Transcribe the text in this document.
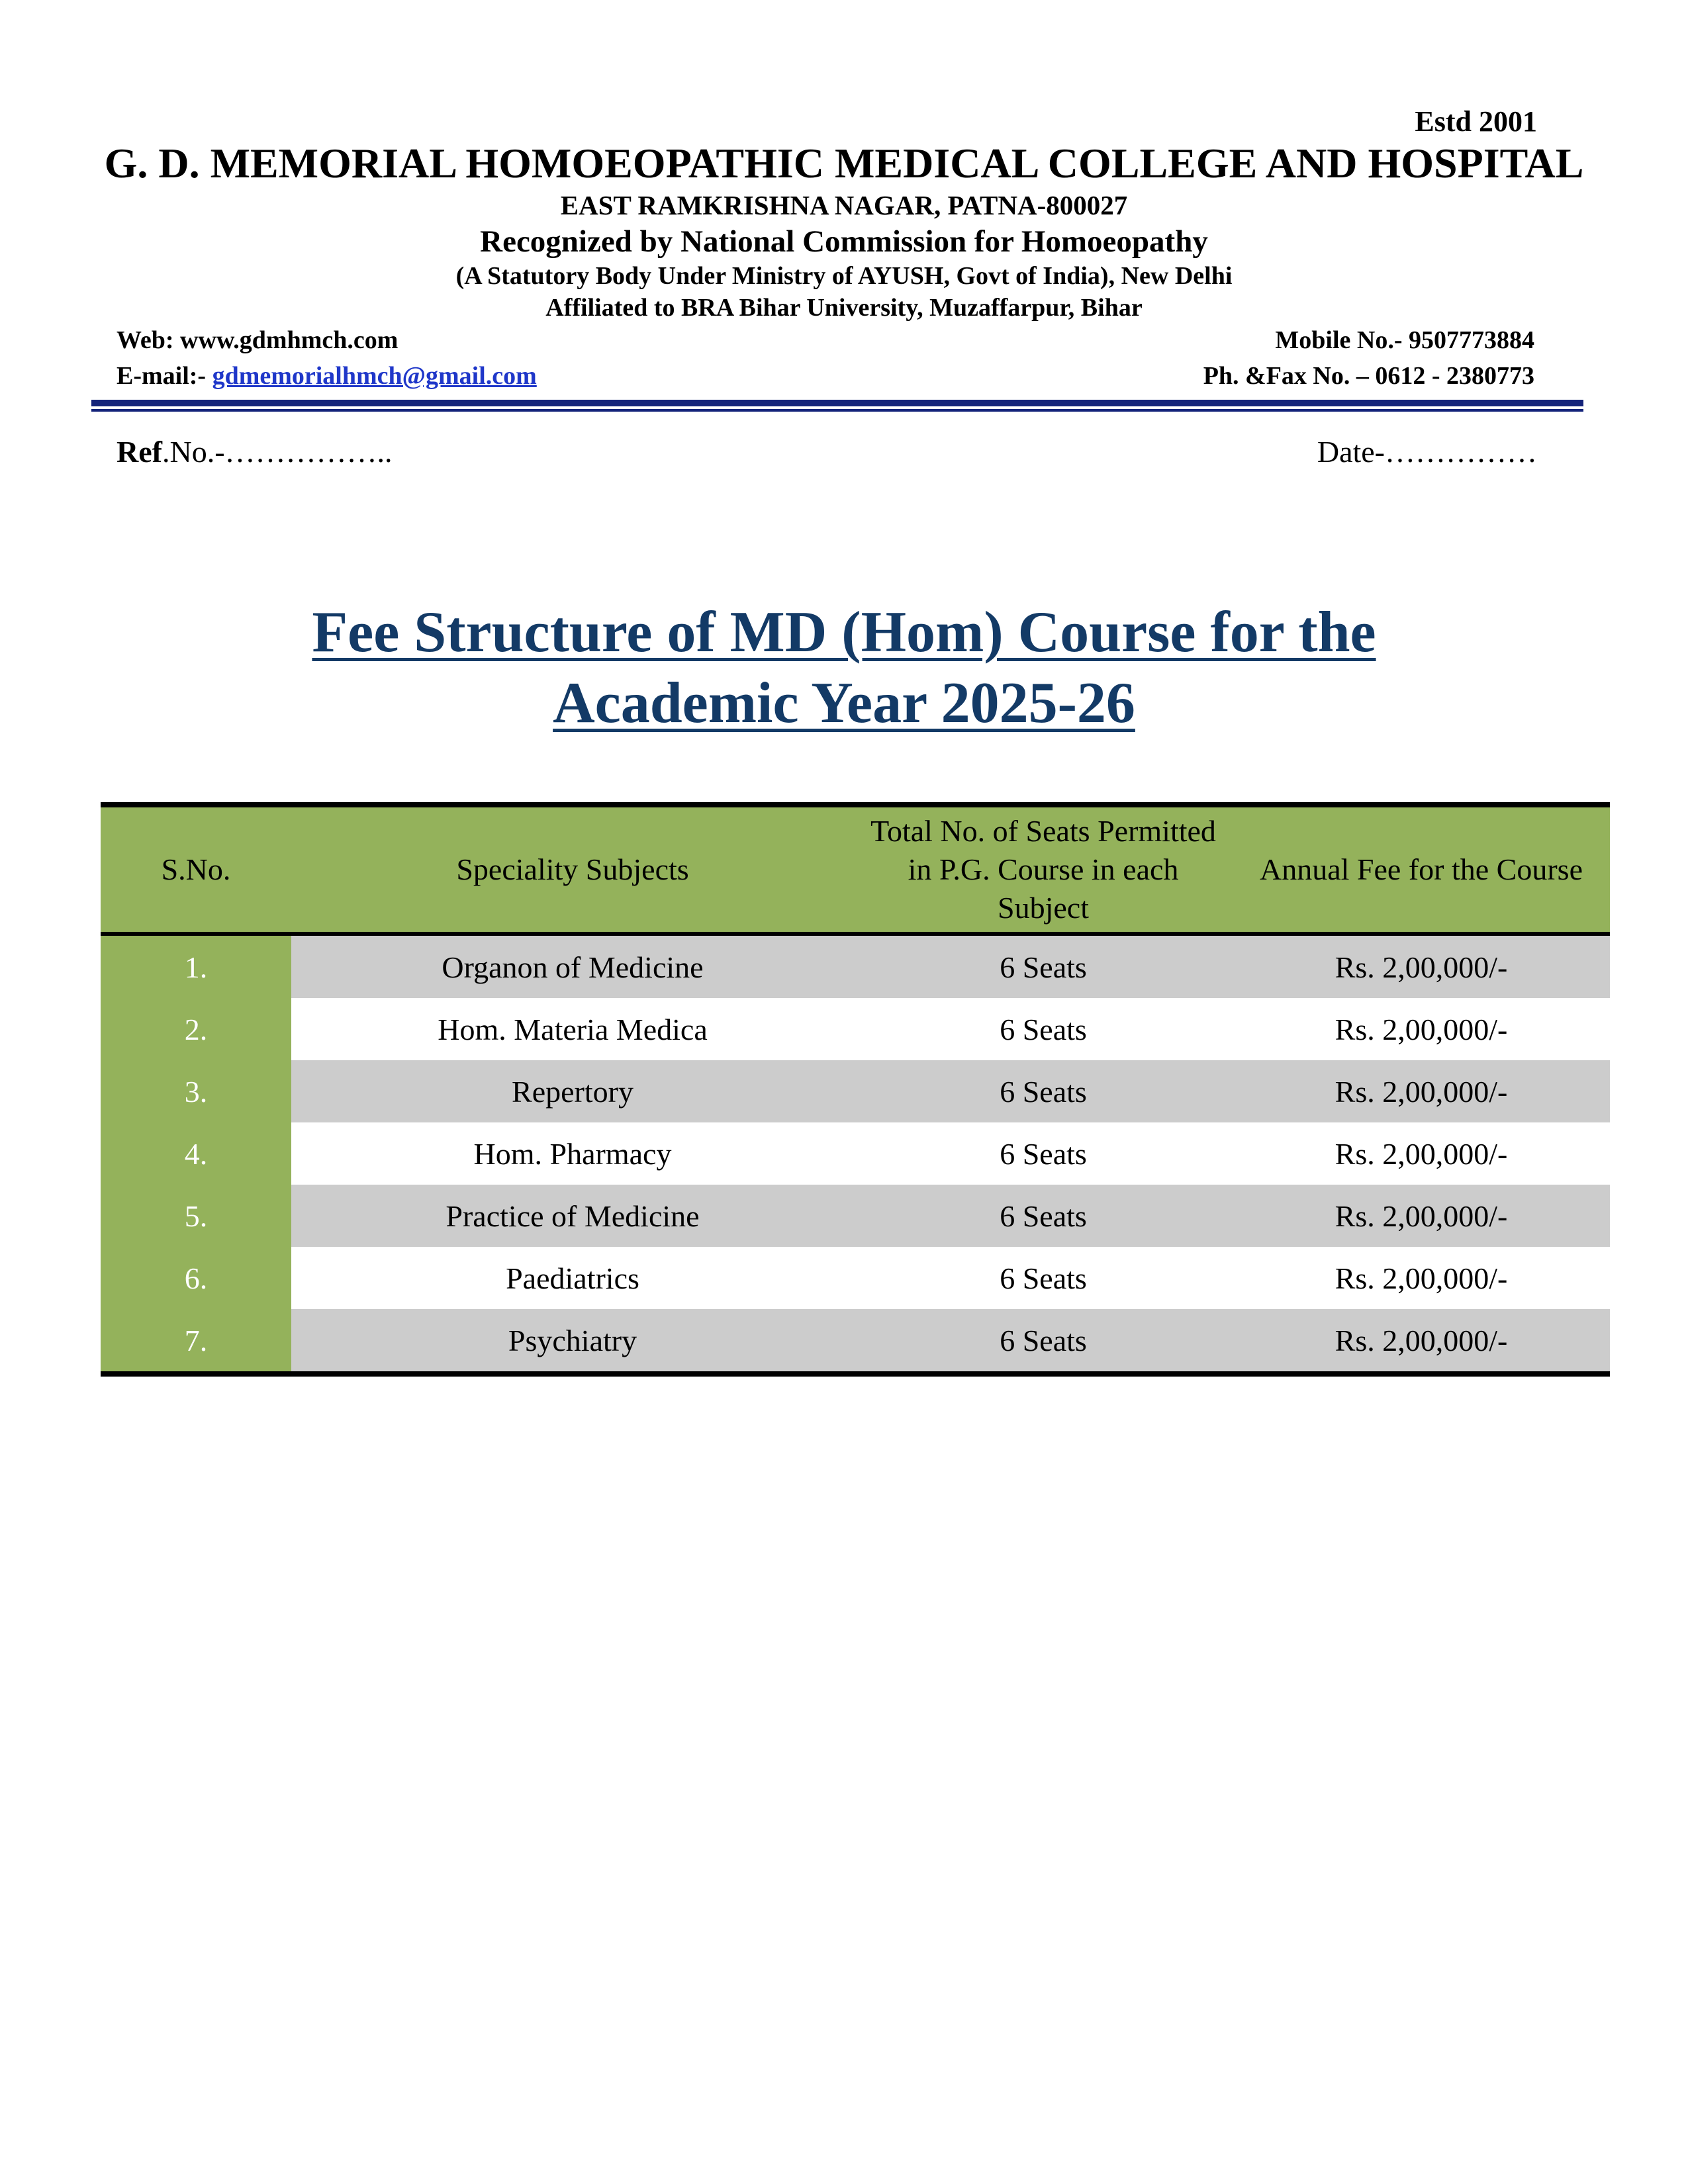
Estd 2001
G. D. MEMORIAL HOMOEOPATHIC MEDICAL COLLEGE AND HOSPITAL
EAST RAMKRISHNA NAGAR, PATNA-800027
Recognized by National Commission for Homoeopathy
(A Statutory Body Under Ministry of AYUSH, Govt of India), New Delhi
Affiliated to BRA Bihar University, Muzaffarpur, Bihar
Web: www.gdmhmch.com	Mobile No.- 9507773884
E-mail:- gdmemorialhmch@gmail.com	Ph. &Fax No. – 0612 - 2380773
Ref.No.-……………..	Date-……………
Fee Structure of MD (Hom) Course for the
Academic Year 2025-26
S.No.	Speciality Subjects	Total No. of Seats Permitted in P.G. Course in each Subject	Annual Fee for the Course
1.	Organon of Medicine	6 Seats	Rs. 2,00,000/-
2.	Hom. Materia Medica	6 Seats	Rs. 2,00,000/-
3.	Repertory	6 Seats	Rs. 2,00,000/-
4.	Hom. Pharmacy	6 Seats	Rs. 2,00,000/-
5.	Practice of Medicine	6 Seats	Rs. 2,00,000/-
6.	Paediatrics	6 Seats	Rs. 2,00,000/-
7.	Psychiatry	6 Seats	Rs. 2,00,000/-
